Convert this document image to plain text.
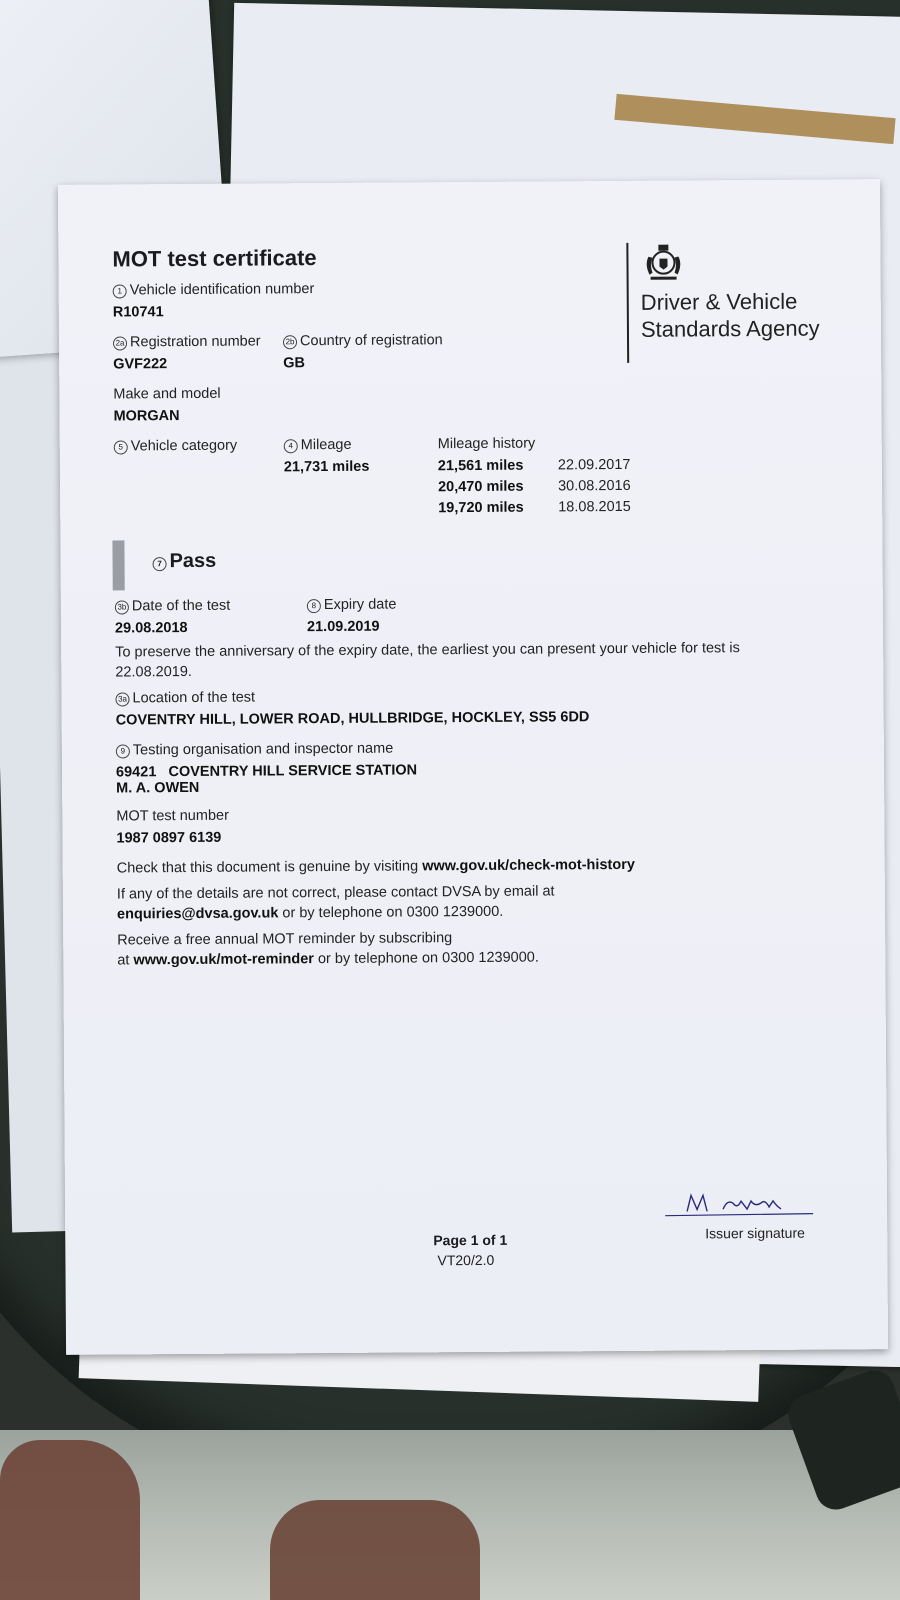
MOT test certificate
Driver & Vehicle Standards Agency
1 Vehicle identification number
R10741
2a Registration number
GVF222
2b Country of registration
GB
Make and model
MORGAN
5 Vehicle category	4 Mileage
21,731 miles
Mileage history
21,561 miles 22.09.2017
20,470 miles 30.08.2016
19,720 miles 18.08.2015
7 Pass
3b Date of the test
29.08.2018
8 Expiry date
21.09.2019
To preserve the anniversary of the expiry date, the earliest you can present your vehicle for test is 22.08.2019.
3a Location of the test
COVENTRY HILL, LOWER ROAD, HULLBRIDGE, HOCKLEY, SS5 6DD
9 Testing organisation and inspector name
69421 COVENTRY HILL SERVICE STATION
M. A. OWEN
MOT test number
1987 0897 6139
Check that this document is genuine by visiting www.gov.uk/check-mot-history
If any of the details are not correct, please contact DVSA by email at
enquiries@dvsa.gov.uk or by telephone on 0300 1239000.
Receive a free annual MOT reminder by subscribing
at www.gov.uk/mot-reminder or by telephone on 0300 1239000.
Page 1 of 1
VT20/2.0
Issuer signature
